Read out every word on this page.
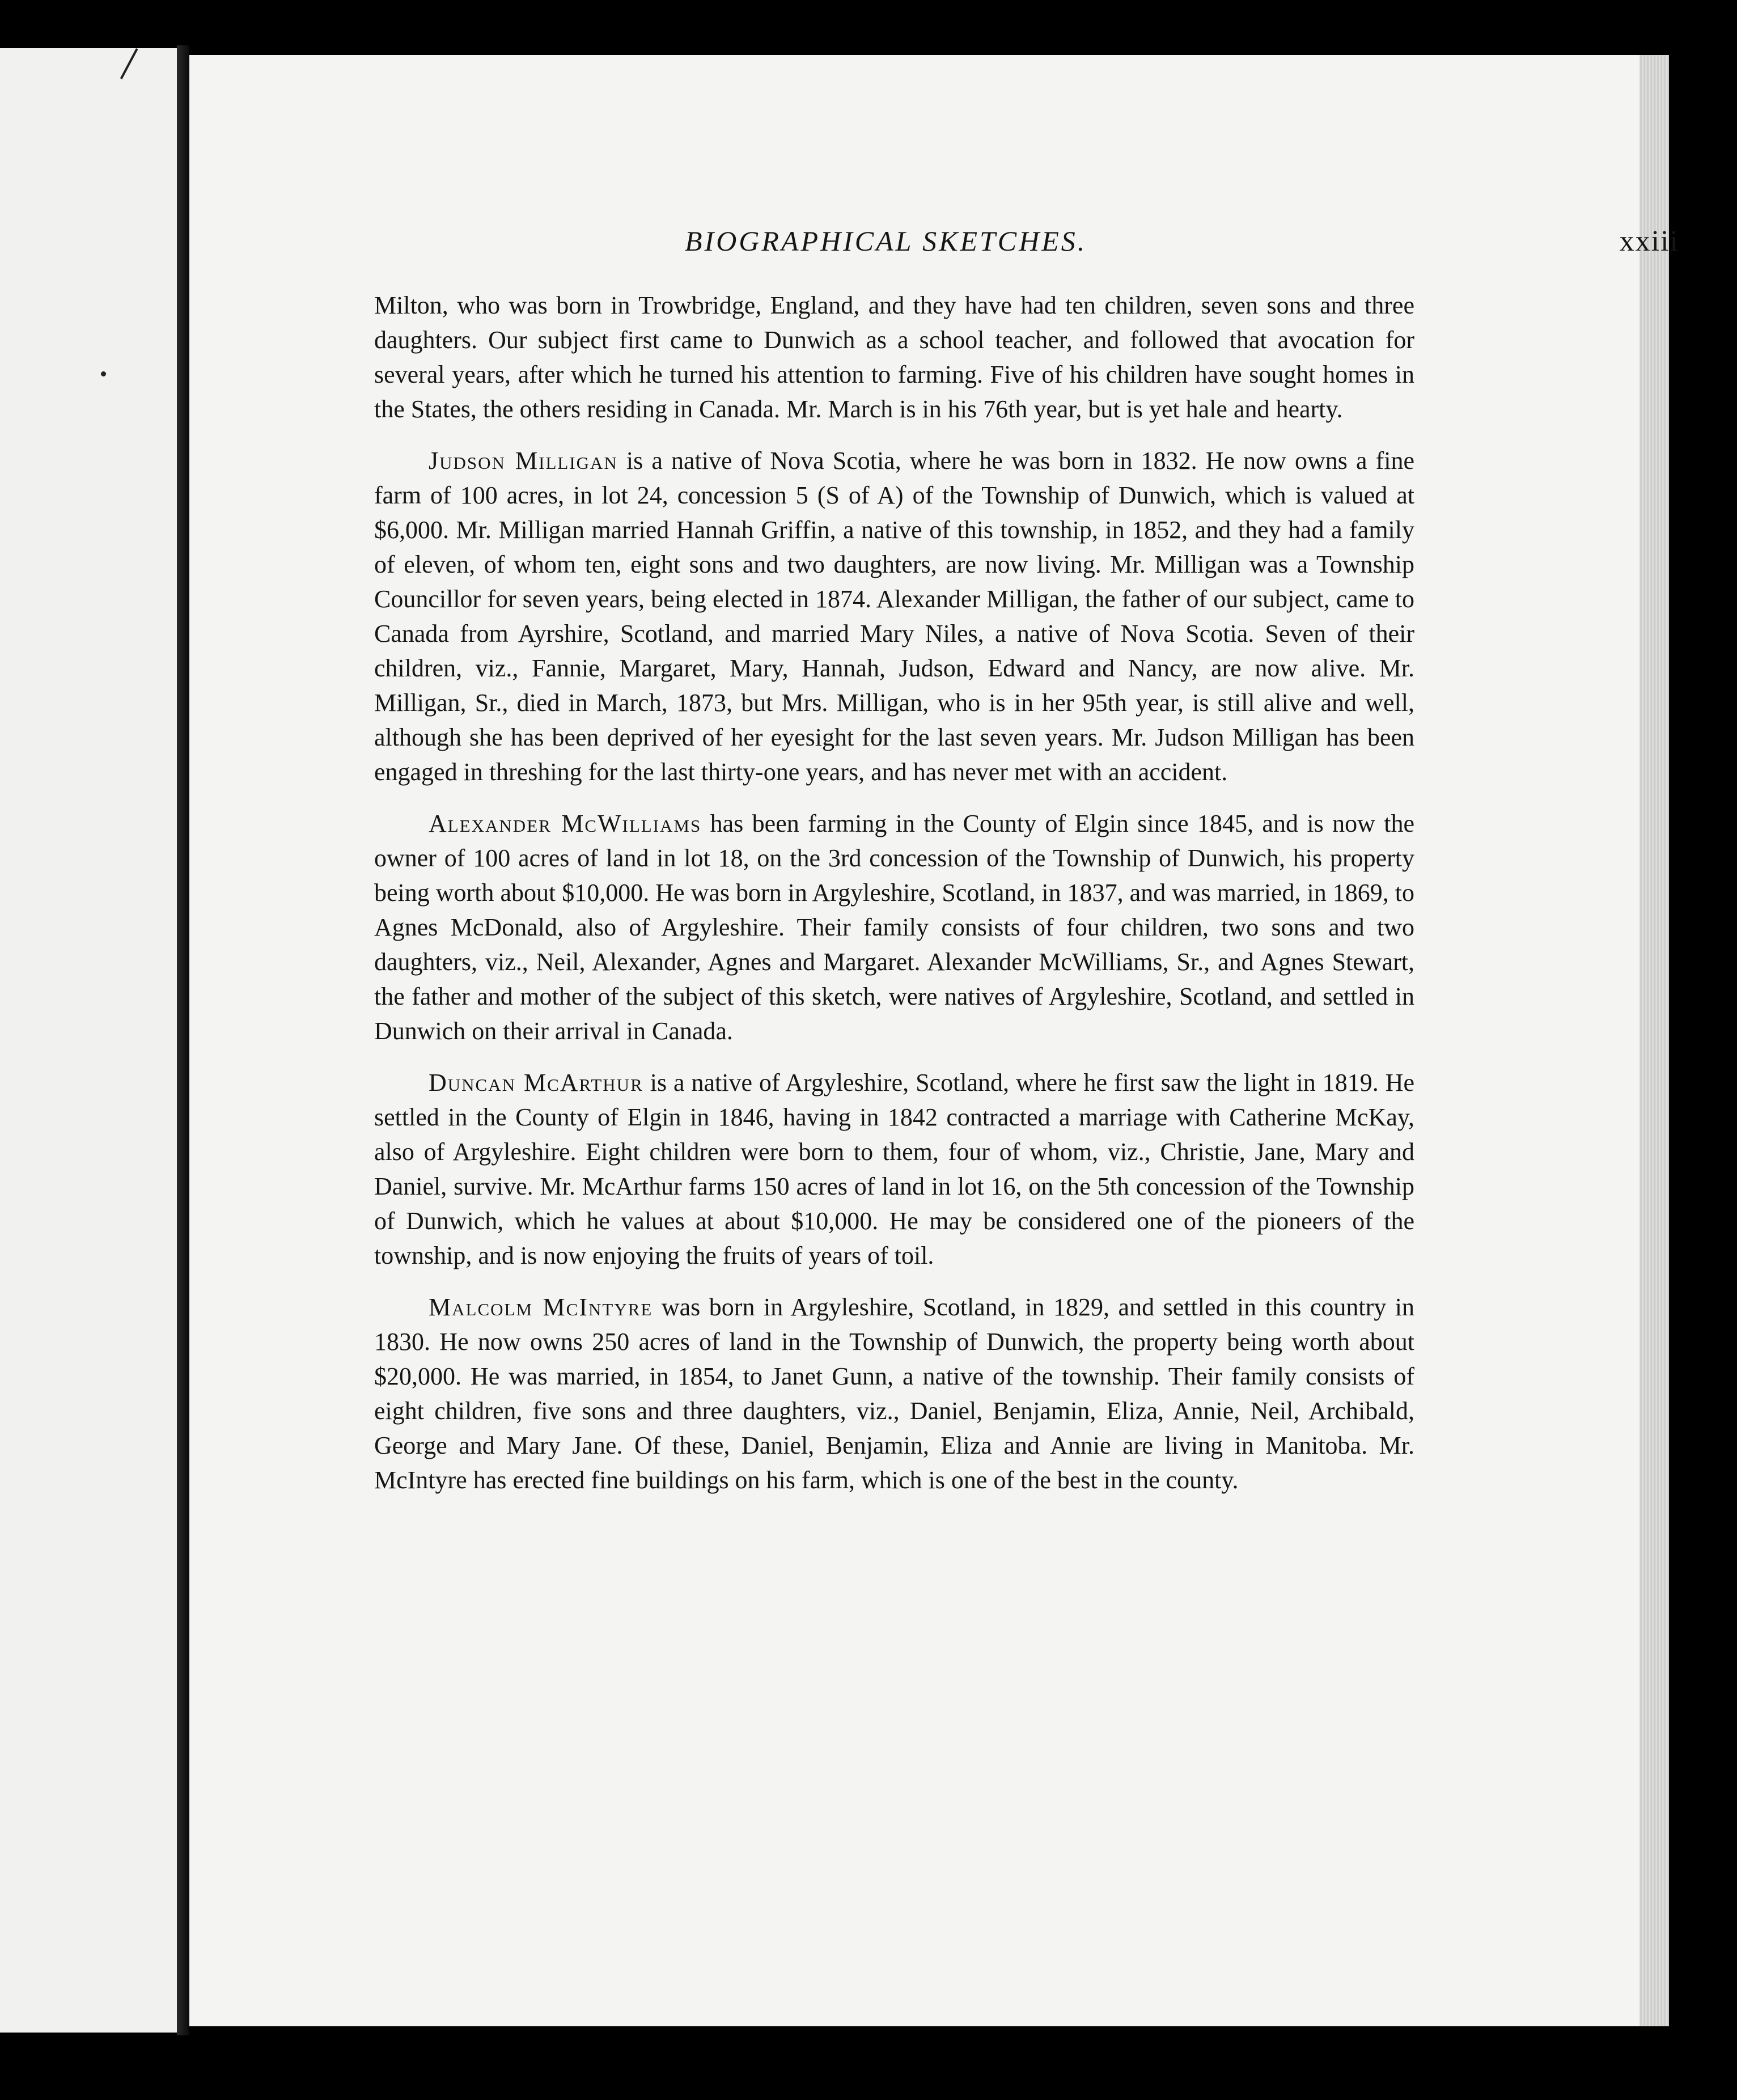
BIOGRAPHICAL SKETCHES.	xxiii

Milton, who was born in Trowbridge, England, and they have had ten children, seven sons and three daughters. Our subject first came to Dunwich as a school teacher, and followed that avocation for several years, after which he turned his attention to farming. Five of his children have sought homes in the States, the others residing in Canada. Mr. March is in his 76th year, but is yet hale and hearty.

Judson Milligan is a native of Nova Scotia, where he was born in 1832. He now owns a fine farm of 100 acres, in lot 24, concession 5 (S of A) of the Township of Dunwich, which is valued at $6,000. Mr. Milligan married Hannah Griffin, a native of this township, in 1852, and they had a family of eleven, of whom ten, eight sons and two daughters, are now living. Mr. Milligan was a Township Councillor for seven years, being elected in 1874. Alexander Milligan, the father of our subject, came to Canada from Ayrshire, Scotland, and married Mary Niles, a native of Nova Scotia. Seven of their children, viz., Fannie, Margaret, Mary, Hannah, Judson, Edward and Nancy, are now alive. Mr. Milligan, Sr., died in March, 1873, but Mrs. Milligan, who is in her 95th year, is still alive and well, although she has been deprived of her eyesight for the last seven years. Mr. Judson Milligan has been engaged in threshing for the last thirty-one years, and has never met with an accident.

Alexander McWilliams has been farming in the County of Elgin since 1845, and is now the owner of 100 acres of land in lot 18, on the 3rd concession of the Township of Dunwich, his property being worth about $10,000. He was born in Argyleshire, Scotland, in 1837, and was married, in 1869, to Agnes McDonald, also of Argyleshire. Their family consists of four children, two sons and two daughters, viz., Neil, Alexander, Agnes and Margaret. Alexander McWilliams, Sr., and Agnes Stewart, the father and mother of the subject of this sketch, were natives of Argyleshire, Scotland, and settled in Dunwich on their arrival in Canada.

Duncan McArthur is a native of Argyleshire, Scotland, where he first saw the light in 1819. He settled in the County of Elgin in 1846, having in 1842 contracted a marriage with Catherine McKay, also of Argyleshire. Eight children were born to them, four of whom, viz., Christie, Jane, Mary and Daniel, survive. Mr. McArthur farms 150 acres of land in lot 16, on the 5th concession of the Township of Dunwich, which he values at about $10,000. He may be considered one of the pioneers of the township, and is now enjoying the fruits of years of toil.

Malcolm McIntyre was born in Argyleshire, Scotland, in 1829, and settled in this country in 1830. He now owns 250 acres of land in the Township of Dunwich, the property being worth about $20,000. He was married, in 1854, to Janet Gunn, a native of the township. Their family consists of eight children, five sons and three daughters, viz., Daniel, Benjamin, Eliza, Annie, Neil, Archibald, George and Mary Jane. Of these, Daniel, Benjamin, Eliza and Annie are living in Manitoba. Mr. McIntyre has erected fine buildings on his farm, which is one of the best in the county.
